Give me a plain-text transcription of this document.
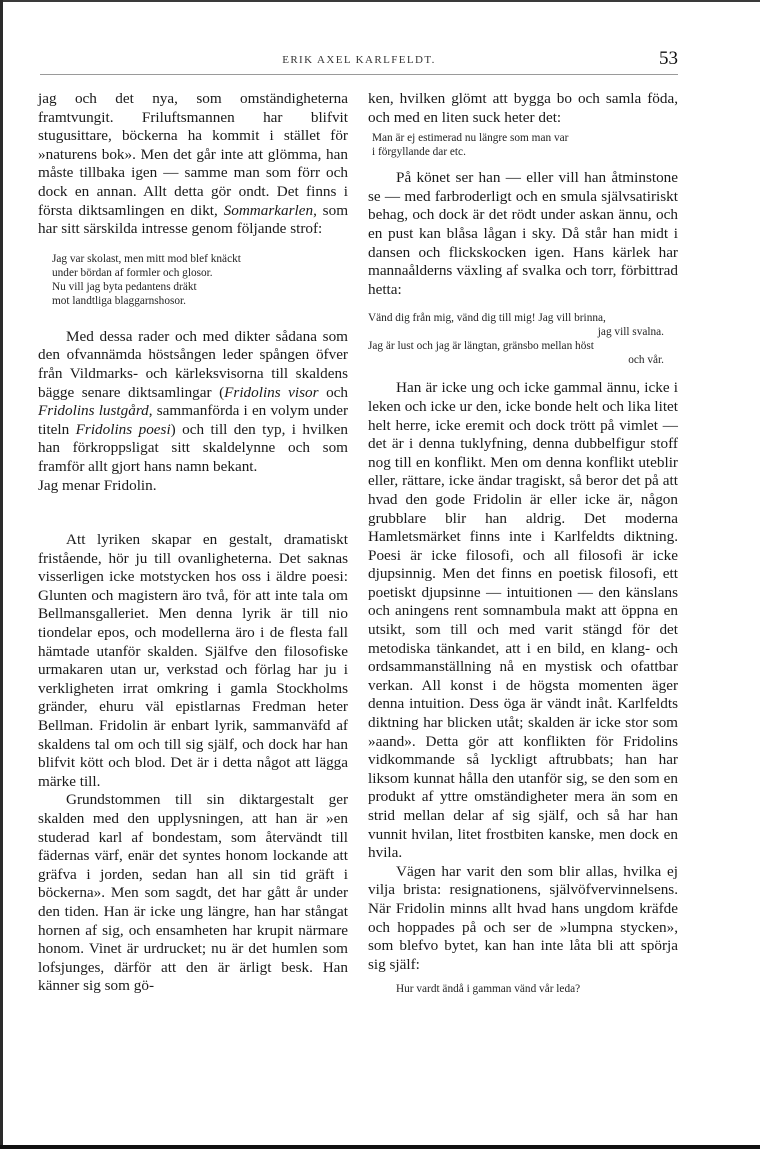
ERIK AXEL KARLFELDT.	53

jag och det nya, som omständigheterna framtvungit. Friluftsmannen har blifvit stugusittare, böckerna ha kommit i stället för »naturens bok». Men det går inte att glömma, han måste tillbaka igen — samme man som förr och dock en annan. Allt detta gör ondt. Det finns i första diktsamlingen en dikt, Sommarkarlen, som har sitt särskilda intresse genom följande strof:

Jag var skolast, men mitt mod blef knäckt
under bördan af formler och glosor.
Nu vill jag byta pedantens dräkt
mot landtliga blaggarnshosor.

Med dessa rader och med dikter sådana som den ofvannämda höstsången leder spången öfver från Vildmarks- och kärleksvisorna till skaldens bägge senare diktsamlingar (Fridolins visor och Fridolins lustgård, sammanförda i en volym under titeln Fridolins poesi) och till den typ, i hvilken han förkroppsligat sitt skaldelynne och som framför allt gjort hans namn bekant.

Jag menar Fridolin.

Att lyriken skapar en gestalt, dramatiskt fristående, hör ju till ovanligheterna. Det saknas visserligen icke motstycken hos oss i äldre poesi: Glunten och magistern äro två, för att inte tala om Bellmansgalleriet. Men denna lyrik är till nio tiondelar epos, och modellerna äro i de flesta fall hämtade utanför skalden. Själfve den filosofiske urmakaren utan ur, verkstad och förlag har ju i verkligheten irrat omkring i gamla Stockholms gränder, ehuru väl epistlarnas Fredman heter Bellman. Fridolin är enbart lyrik, sammanväfd af skaldens tal om och till sig själf, och dock har han blifvit kött och blod. Det är i detta något att lägga märke till.

Grundstommen till sin diktargestalt ger skalden med den upplysningen, att han är »en studerad karl af bondestam, som återvändt till fädernas värf, enär det syntes honom lockande att gräfva i jorden, sedan han all sin tid gräft i böckerna». Men som sagdt, det har gått år under den tiden. Han är icke ung längre, han har stångat hornen af sig, och ensamheten har krupit närmare honom. Vinet är urdrucket; nu är det humlen som lofsjunges, därför att den är ärligt besk. Han känner sig som gö-

ken, hvilken glömt att bygga bo och samla föda, och med en liten suck heter det:

Man är ej estimerad nu längre som man var
i förgyllande dar etc.

På könet ser han — eller vill han åtminstone se — med farbroderligt och en smula självsatiriskt behag, och dock är det rödt under askan ännu, och en pust kan blåsa lågan i sky. Då står han midt i dansen och flickskocken igen. Hans kärlek har mannaålderns växling af svalka och torr, förbittrad hetta:

Vänd dig från mig, vänd dig till mig! Jag vill brinna,
jag vill svalna.
Jag är lust och jag är längtan, gränsbo mellan höst
och vår.

Han är icke ung och icke gammal ännu, icke i leken och icke ur den, icke bonde helt och lika litet helt herre, icke eremit och dock trött på vimlet — det är i denna tuklyfning, denna dubbelfigur stoff nog till en konflikt. Men om denna konflikt uteblir eller, rättare, icke ändar tragiskt, så beror det på att hvad den gode Fridolin är eller icke är, någon grubblare blir han aldrig. Det moderna Hamletsmärket finns inte i Karlfeldts diktning. Poesi är icke filosofi, och all filosofi är icke djupsinnig. Men det finns en poetisk filosofi, ett poetiskt djupsinne — intuitionen — den känslans och aningens rent somnambula makt att öppna en utsikt, som till och med varit stängd för det metodiska tänkandet, att i en bild, en klang- och ordsammanställning nå en mystisk och ofattbar verkan. All konst i de högsta momenten äger denna intuition. Dess öga är vändt inåt. Karlfeldts diktning har blicken utåt; skalden är icke stor som »aand». Detta gör att konflikten för Fridolins vidkommande så lyckligt aftrubbats; han har liksom kunnat hålla den utanför sig, se den som en produkt af yttre omständigheter mera än som en strid mellan delar af sig själf, och så har han vunnit hvilan, litet frostbiten kanske, men dock en hvila.

Vägen har varit den som blir allas, hvilka ej vilja brista: resignationens, självöfvervinnelsens. När Fridolin minns allt hvad hans ungdom kräfde och hoppades på och ser de »lumpna stycken», som blefvo bytet, kan han inte låta bli att spörja sig själf:

Hur vardt ändå i gamman vänd vår leda?
